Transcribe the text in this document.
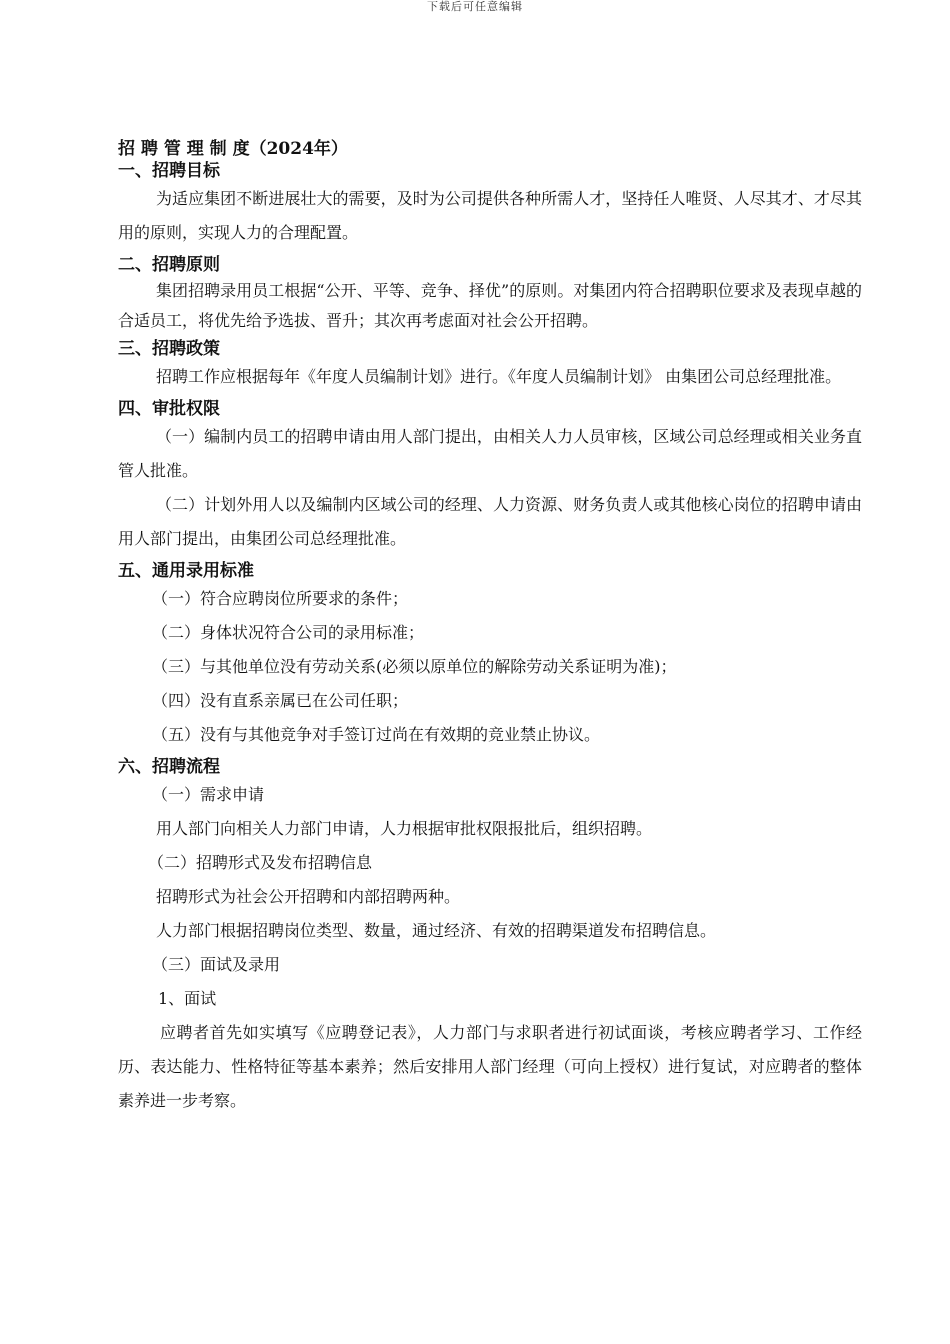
下载后可任意编辑

招 聘 管 理 制 度（2024年）

一、招聘目标

为适应集团不断进展壮大的需要，及时为公司提供各种所需人才，坚持任人唯贤、人尽其才、才尽其用的原则，实现人力的合理配置。

二、招聘原则

集团招聘录用员工根据“公开、平等、竞争、择优”的原则。对集团内符合招聘职位要求及表现卓越的合适员工，将优先给予选拔、晋升；其次再考虑面对社会公开招聘。

三、招聘政策

招聘工作应根据每年《年度人员编制计划》进行。《年度人员编制计划》 由集团公司总经理批准。

四、审批权限

（一）编制内员工的招聘申请由用人部门提出，由相关人力人员审核，区域公司总经理或相关业务直管人批准。

（二）计划外用人以及编制内区域公司的经理、人力资源、财务负责人或其他核心岗位的招聘申请由用人部门提出，由集团公司总经理批准。

五、通用录用标准

（一）符合应聘岗位所要求的条件；

（二）身体状况符合公司的录用标准；

（三）与其他单位没有劳动关系(必须以原单位的解除劳动关系证明为准)；

（四）没有直系亲属已在公司任职；

（五）没有与其他竞争对手签订过尚在有效期的竞业禁止协议。

六、招聘流程

（一）需求申请

用人部门向相关人力部门申请，人力根据审批权限报批后，组织招聘。

（二）招聘形式及发布招聘信息

招聘形式为社会公开招聘和内部招聘两种。

人力部门根据招聘岗位类型、数量，通过经济、有效的招聘渠道发布招聘信息。

（三）面试及录用

1、面试

应聘者首先如实填写《应聘登记表》，人力部门与求职者进行初试面谈，考核应聘者学习、工作经历、表达能力、性格特征等基本素养；然后安排用人部门经理（可向上授权）进行复试，对应聘者的整体素养进一步考察。
